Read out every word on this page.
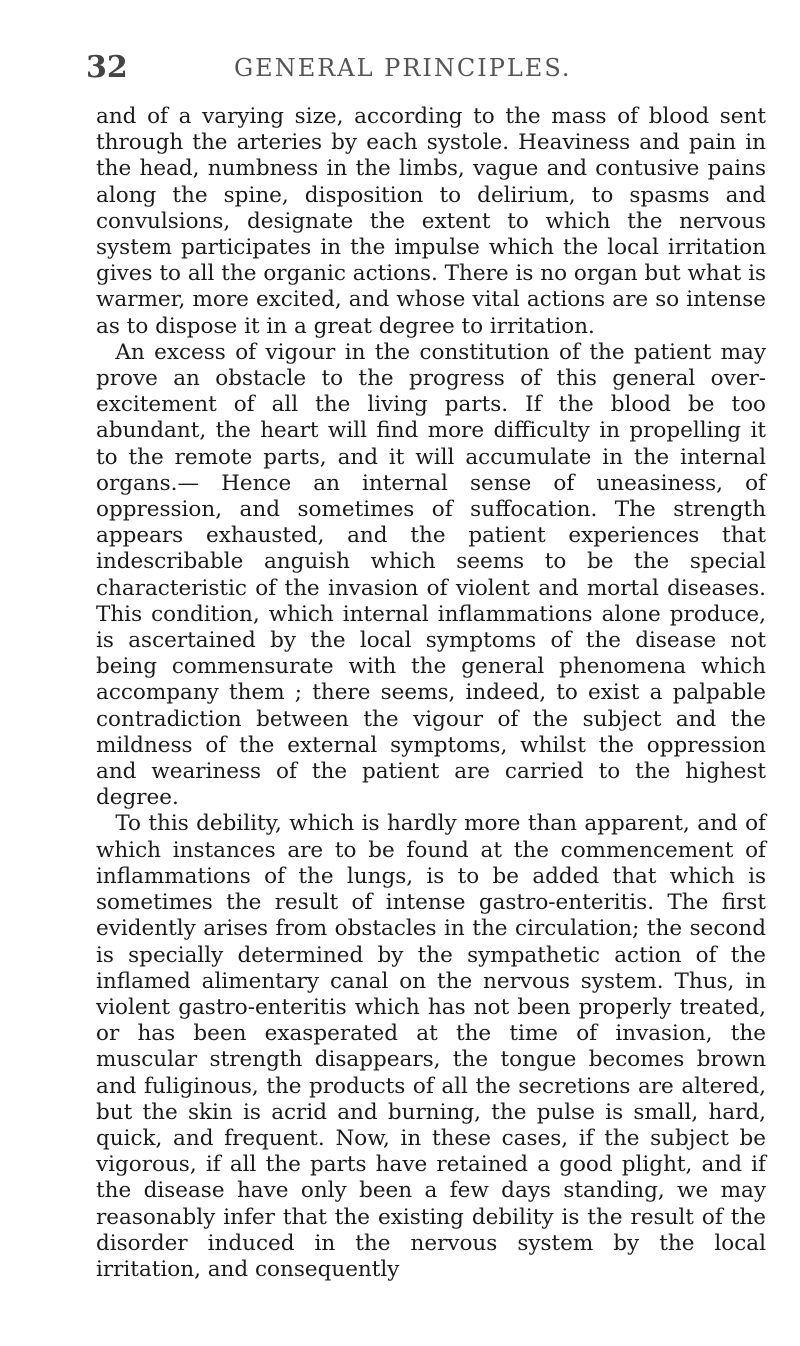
32	GENERAL PRINCIPLES.

and of a varying size, according to the mass of blood sent through the arteries by each systole. Heaviness and pain in the head, numbness in the limbs, vague and contusive pains along the spine, disposition to delirium, to spasms and convulsions, designate the extent to which the nervous system participates in the impulse which the local irritation gives to all the organic actions. There is no organ but what is warmer, more excited, and whose vital actions are so intense as to dispose it in a great degree to irritation.

An excess of vigour in the constitution of the patient may prove an obstacle to the progress of this general over-excitement of all the living parts. If the blood be too abundant, the heart will find more difficulty in propelling it to the remote parts, and it will accumulate in the internal organs.— Hence an internal sense of uneasiness, of oppression, and sometimes of suffocation. The strength appears exhausted, and the patient experiences that indescribable anguish which seems to be the special characteristic of the invasion of violent and mortal diseases. This condition, which internal inflammations alone produce, is ascertained by the local symptoms of the disease not being commensurate with the general phenomena which accompany them ; there seems, indeed, to exist a palpable contradiction between the vigour of the subject and the mildness of the external symptoms, whilst the oppression and weariness of the patient are carried to the highest degree.

To this debility, which is hardly more than apparent, and of which instances are to be found at the commencement of inflammations of the lungs, is to be added that which is sometimes the result of intense gastro-enteritis. The first evidently arises from obstacles in the circulation; the second is specially determined by the sympathetic action of the inflamed alimentary canal on the nervous system. Thus, in violent gastro-enteritis which has not been properly treated, or has been exasperated at the time of invasion, the muscular strength disappears, the tongue becomes brown and fuliginous, the products of all the secretions are altered, but the skin is acrid and burning, the pulse is small, hard, quick, and frequent. Now, in these cases, if the subject be vigorous, if all the parts have retained a good plight, and if the disease have only been a few days standing, we may reasonably infer that the existing debility is the result of the disorder induced in the nervous system by the local irritation, and consequently
